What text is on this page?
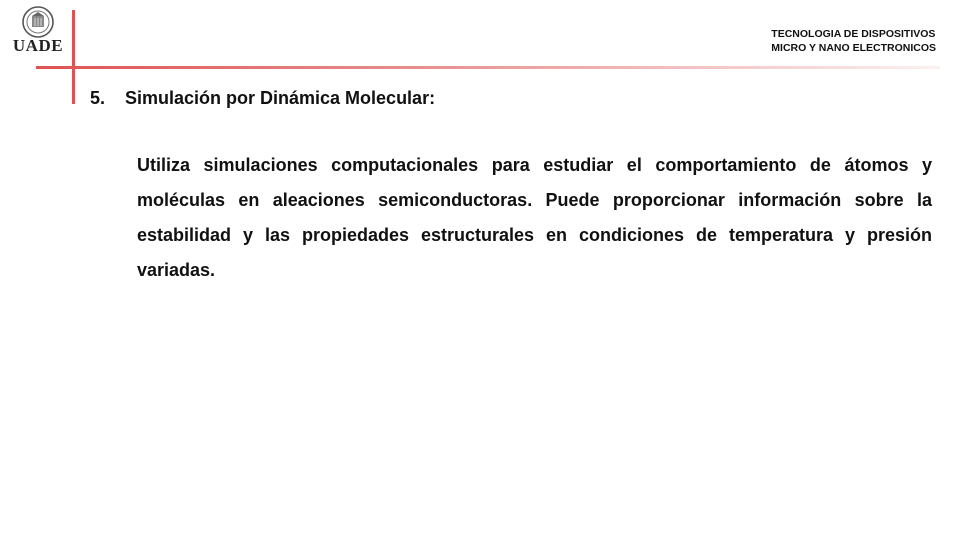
UADE
TECNOLOGIA DE DISPOSITIVOS
MICRO Y NANO ELECTRONICOS
5. Simulación por Dinámica Molecular:
Utiliza simulaciones computacionales para estudiar el comportamiento de átomos y moléculas en aleaciones semiconductoras. Puede proporcionar información sobre la estabilidad y las propiedades estructurales en condiciones de temperatura y presión variadas.
